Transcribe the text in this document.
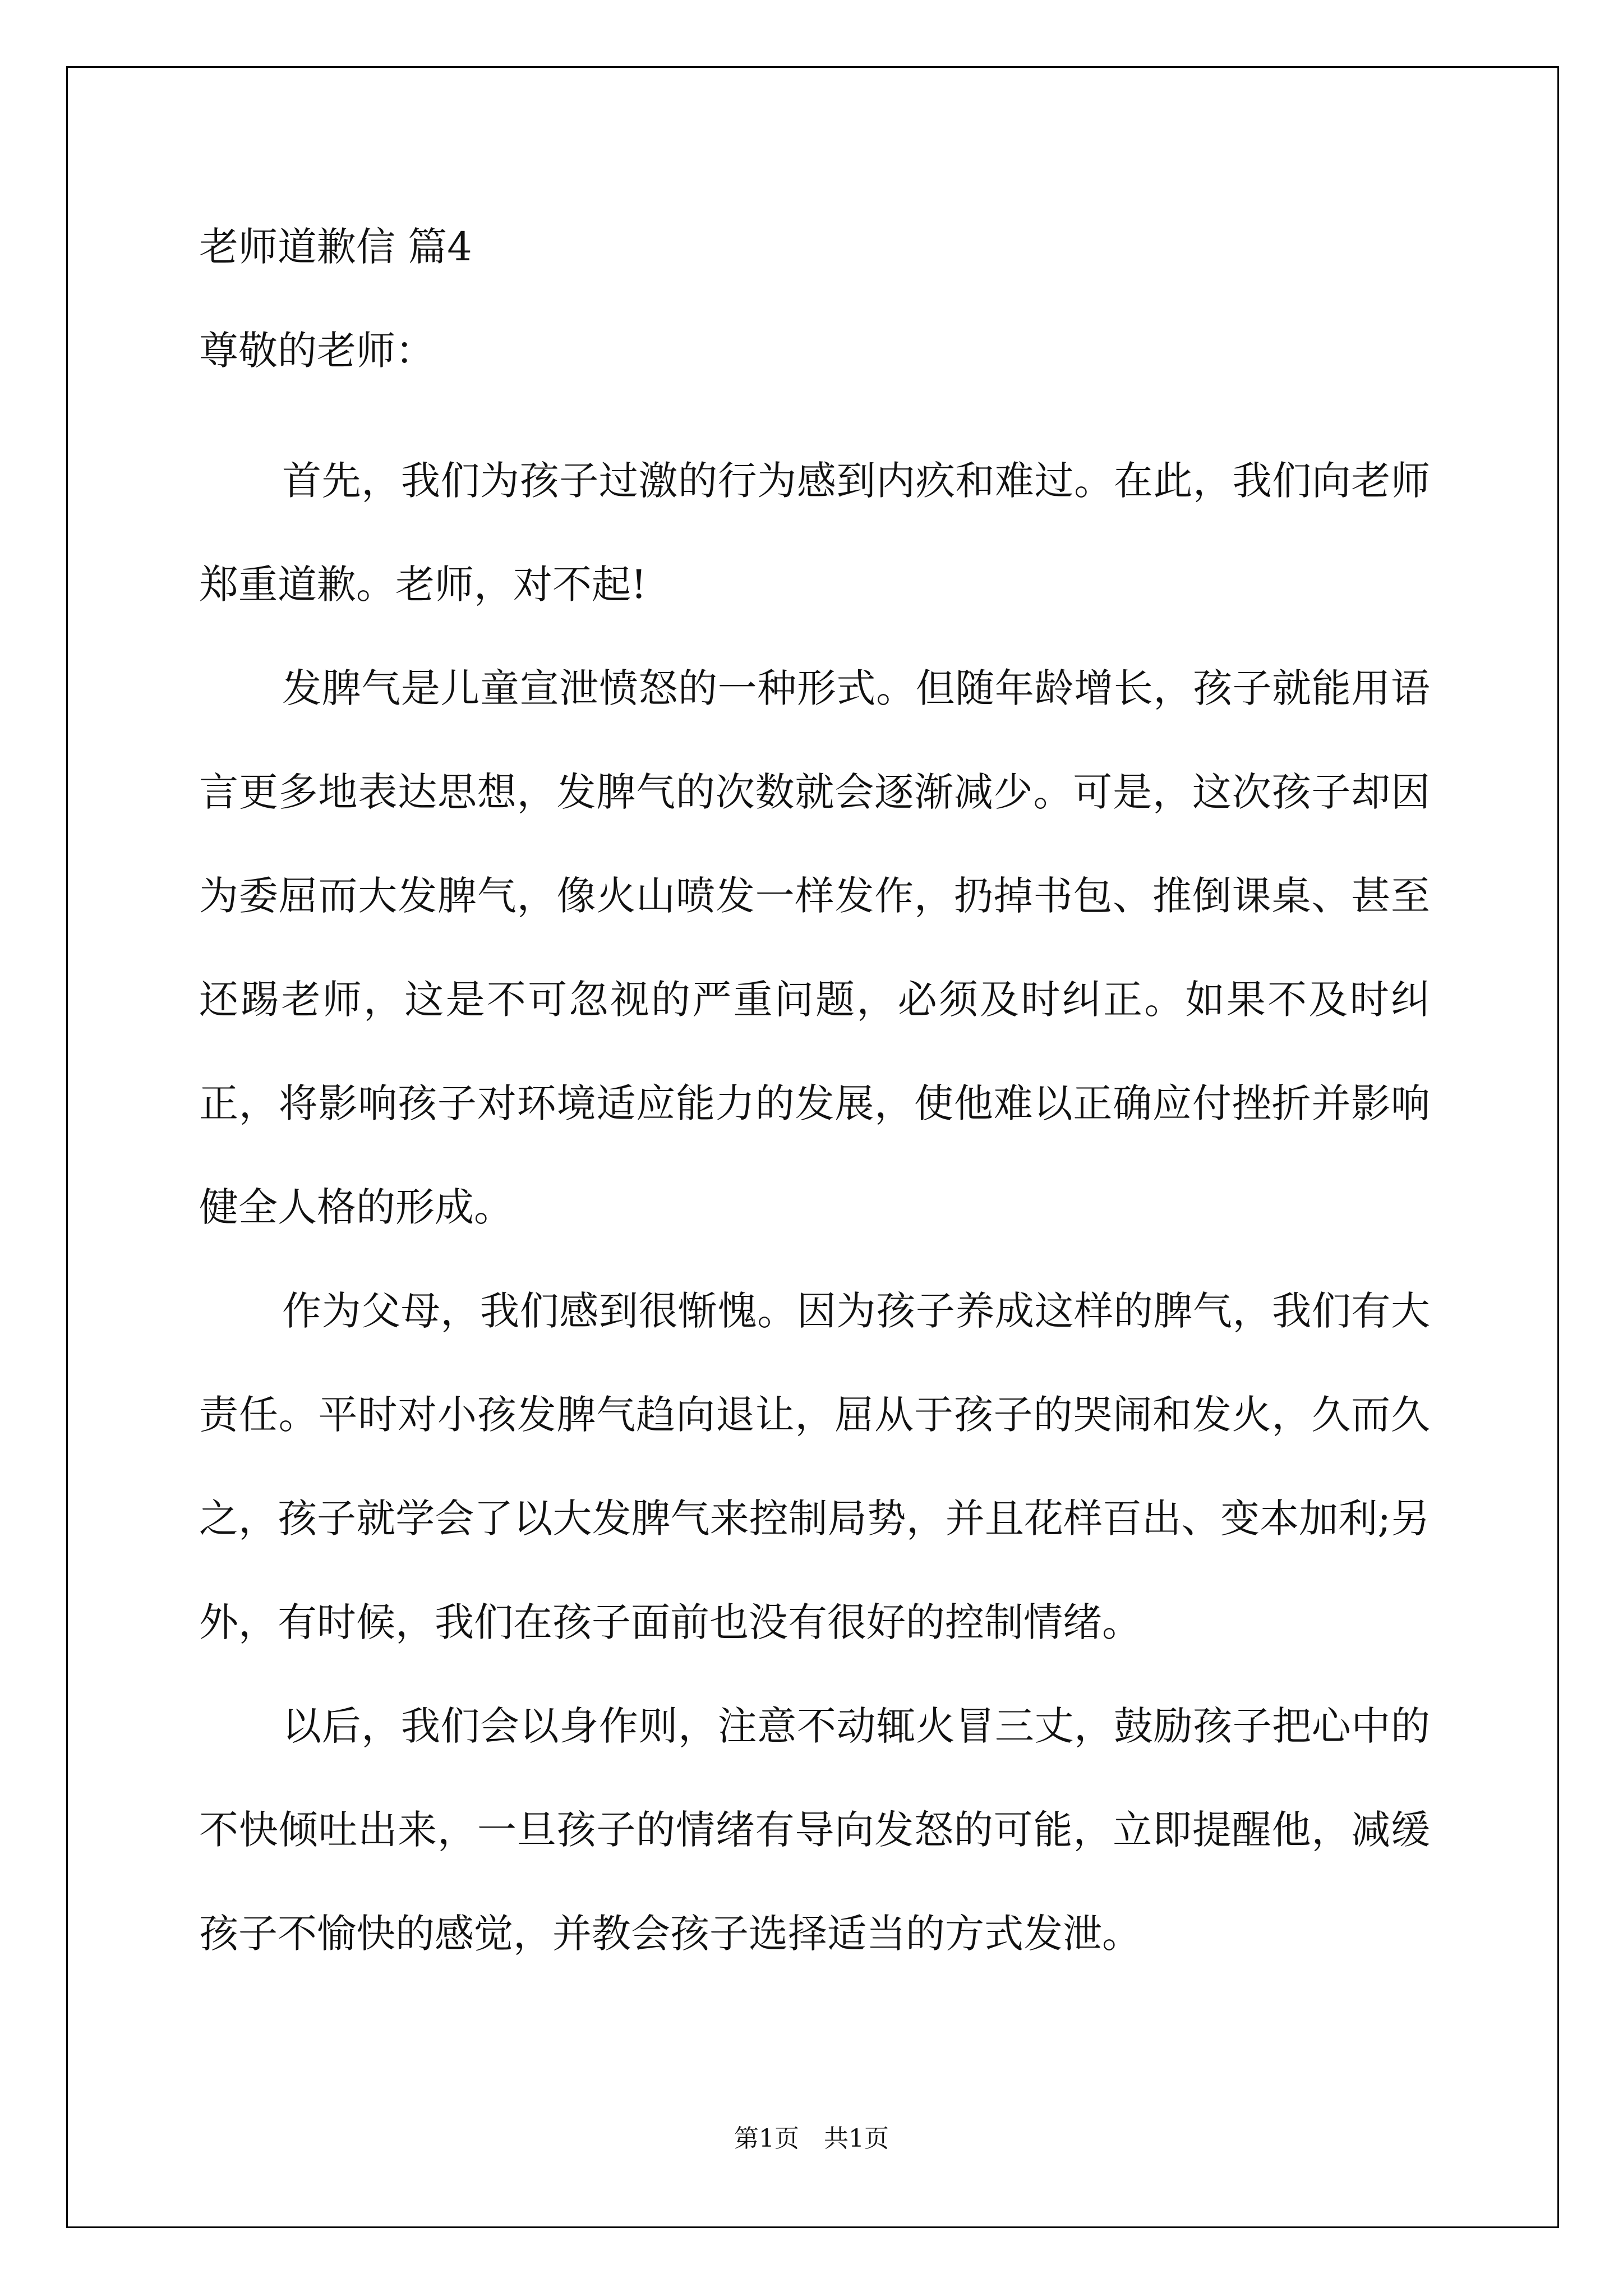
老师道歉信 篇4
尊敬的老师：

首先，我们为孩子过激的行为感到内疚和难过。在此，我们向老师郑重道歉。老师，对不起!

发脾气是儿童宣泄愤怒的一种形式。但随年龄增长，孩子就能用语言更多地表达思想，发脾气的次数就会逐渐减少。可是，这次孩子却因为委屈而大发脾气，像火山喷发一样发作，扔掉书包、推倒课桌、甚至还踢老师，这是不可忽视的严重问题，必须及时纠正。如果不及时纠正，将影响孩子对环境适应能力的发展，使他难以正确应付挫折并影响健全人格的形成。

作为父母，我们感到很惭愧。因为孩子养成这样的脾气，我们有大责任。平时对小孩发脾气趋向退让，屈从于孩子的哭闹和发火，久而久之，孩子就学会了以大发脾气来控制局势，并且花样百出、变本加利;另外，有时候，我们在孩子面前也没有很好的控制情绪。

以后，我们会以身作则，注意不动辄火冒三丈，鼓励孩子把心中的不快倾吐出来，一旦孩子的情绪有导向发怒的可能，立即提醒他，减缓孩子不愉快的感觉，并教会孩子选择适当的方式发泄。

第1页　共1页
